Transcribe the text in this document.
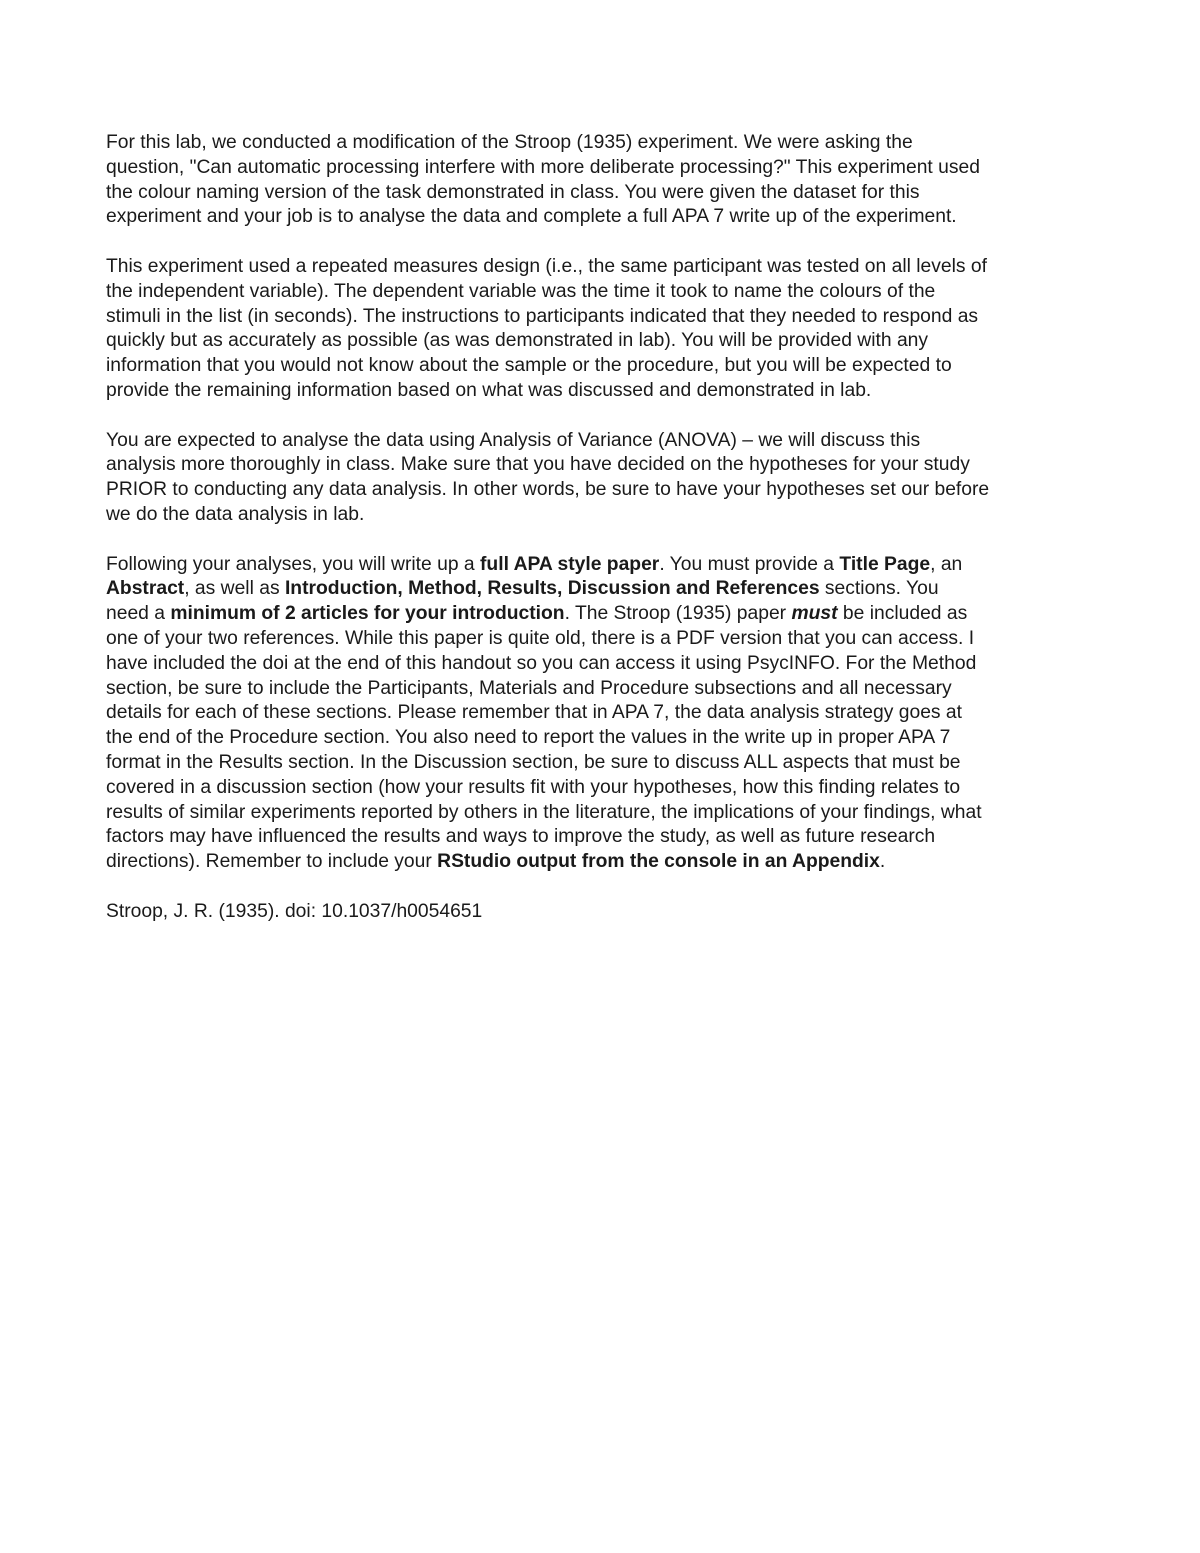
For this lab, we conducted a modification of the Stroop (1935) experiment. We were asking the
question, "Can automatic processing interfere with more deliberate processing?" This experiment used
the colour naming version of the task demonstrated in class. You were given the dataset for this
experiment and your job is to analyse the data and complete a full APA 7 write up of the experiment.

This experiment used a repeated measures design (i.e., the same participant was tested on all levels of
the independent variable). The dependent variable was the time it took to name the colours of the
stimuli in the list (in seconds). The instructions to participants indicated that they needed to respond as
quickly but as accurately as possible (as was demonstrated in lab). You will be provided with any
information that you would not know about the sample or the procedure, but you will be expected to
provide the remaining information based on what was discussed and demonstrated in lab.

You are expected to analyse the data using Analysis of Variance (ANOVA) – we will discuss this
analysis more thoroughly in class. Make sure that you have decided on the hypotheses for your study
PRIOR to conducting any data analysis. In other words, be sure to have your hypotheses set our before
we do the data analysis in lab.

Following your analyses, you will write up a full APA style paper. You must provide a Title Page, an
Abstract, as well as Introduction, Method, Results, Discussion and References sections. You
need a minimum of 2 articles for your introduction. The Stroop (1935) paper must be included as
one of your two references. While this paper is quite old, there is a PDF version that you can access. I
have included the doi at the end of this handout so you can access it using PsycINFO. For the Method
section, be sure to include the Participants, Materials and Procedure subsections and all necessary
details for each of these sections. Please remember that in APA 7, the data analysis strategy goes at
the end of the Procedure section. You also need to report the values in the write up in proper APA 7
format in the Results section. In the Discussion section, be sure to discuss ALL aspects that must be
covered in a discussion section (how your results fit with your hypotheses, how this finding relates to
results of similar experiments reported by others in the literature, the implications of your findings, what
factors may have influenced the results and ways to improve the study, as well as future research
directions). Remember to include your RStudio output from the console in an Appendix.

Stroop, J. R. (1935). doi: 10.1037/h0054651
